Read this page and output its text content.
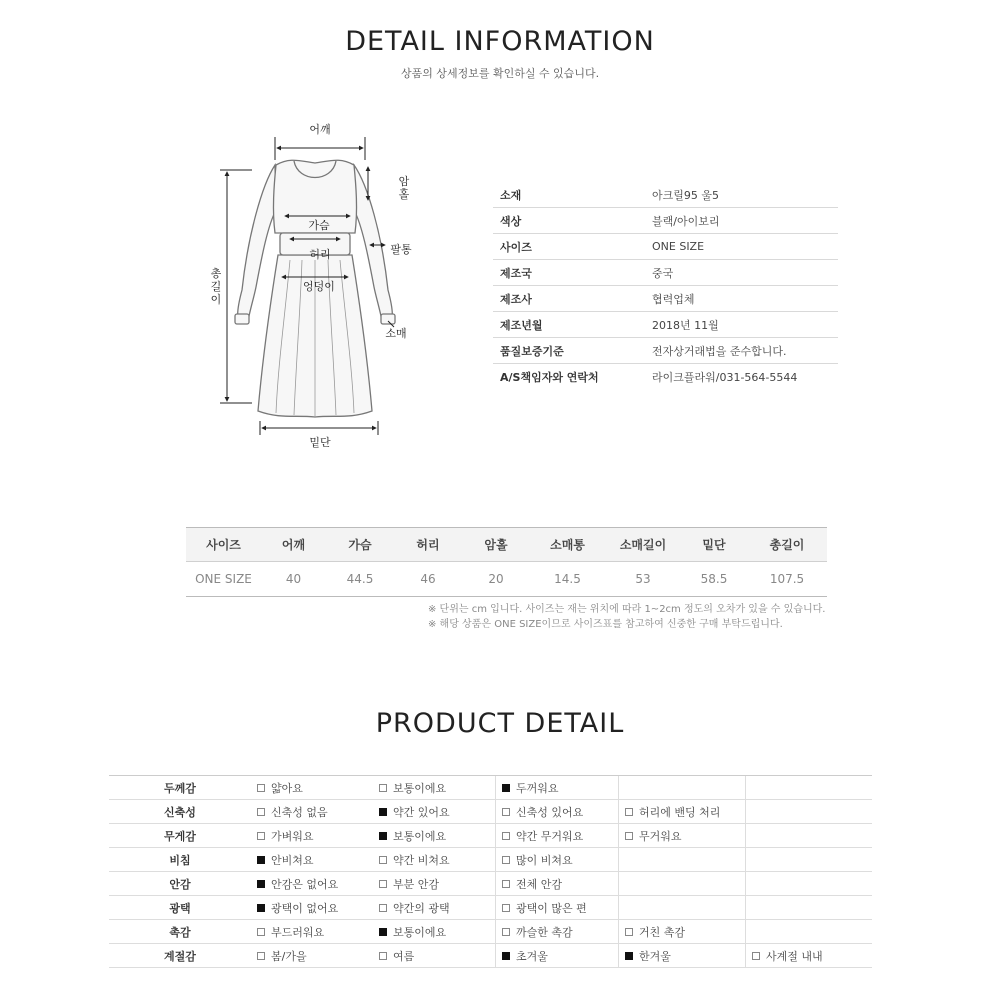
DETAIL INFORMATION
상품의 상세정보를 확인하실 수 있습니다.
어깨
암
홀
가슴
허리
엉덩이
팔통
소매
총
길
이
밑단
소재	아크릴95 울5
색상	블랙/아이보리
사이즈	ONE SIZE
제조국	중국
제조사	협력업체
제조년월	2018년 11월
품질보증기준	전자상거래법을 준수합니다.
A/S책임자와 연락처	라이크플라워/031-564-5544
사이즈	어깨	가슴	허리	암홀	소매통	소매길이	밑단	총길이
ONE SIZE	40	44.5	46	20	14.5	53	58.5	107.5
※ 단위는 cm 입니다. 사이즈는 재는 위치에 따라 1~2cm 정도의 오차가 있을 수 있습니다.
※ 해당 상품은 ONE SIZE이므로 사이즈표를 참고하여 신중한 구매 부탁드립니다.
PRODUCT DETAIL
두께감	얇아요	보통이에요	두꺼워요
신축성	신축성 없음	약간 있어요	신축성 있어요	허리에 밴딩 처리
무게감	가벼워요	보통이에요	약간 무거워요	무거워요
비침	안비쳐요	약간 비쳐요	많이 비쳐요
안감	안감은 없어요	부분 안감	전체 안감
광택	광택이 없어요	약간의 광택	광택이 많은 편
촉감	부드러워요	보통이에요	까슬한 촉감	거친 촉감
계절감	봄/가을	여름	초겨울	한겨울	사계절 내내
